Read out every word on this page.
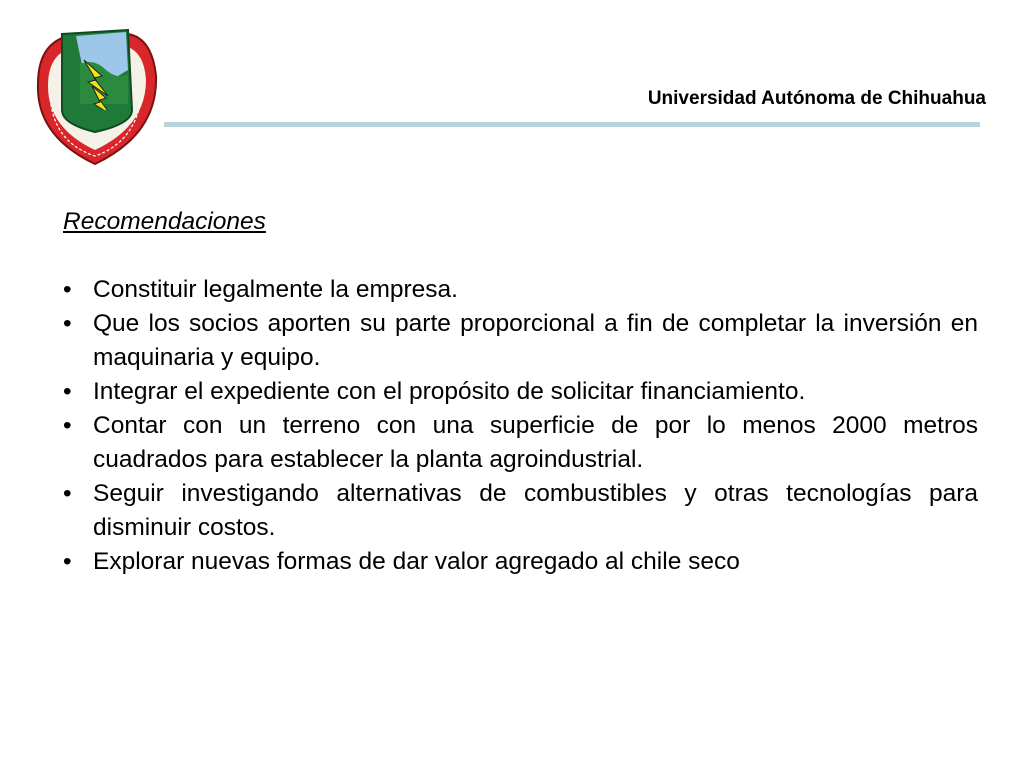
Universidad Autónoma de Chihuahua
Recomendaciones
• Constituir legalmente la empresa.
• Que los socios aporten su parte proporcional a fin de completar la inversión en maquinaria y equipo.
• Integrar el expediente con el propósito de solicitar financiamiento.
• Contar con un terreno con una superficie de por lo menos 2000 metros cuadrados para establecer la planta agroindustrial.
• Seguir investigando alternativas de combustibles y otras tecnologías para disminuir costos.
• Explorar nuevas formas de dar valor agregado al chile seco
